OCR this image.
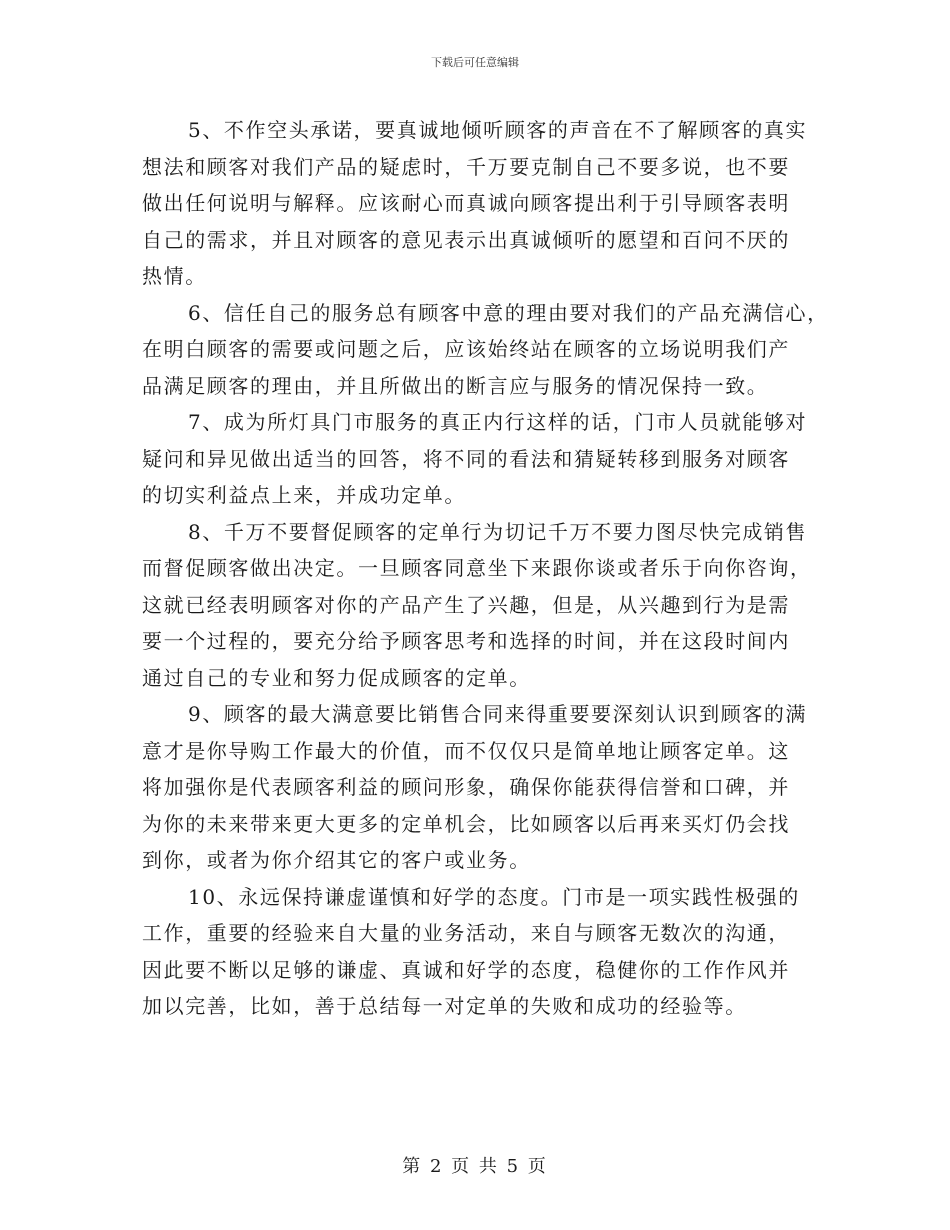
下载后可任意编辑

5、不作空头承诺，要真诚地倾听顾客的声音在不了解顾客的真实
想法和顾客对我们产品的疑虑时，千万要克制自己不要多说，也不要
做出任何说明与解释。应该耐心而真诚向顾客提出利于引导顾客表明
自己的需求，并且对顾客的意见表示出真诚倾听的愿望和百问不厌的
热情。

6、信任自己的服务总有顾客中意的理由要对我们的产品充满信心，
在明白顾客的需要或问题之后，应该始终站在顾客的立场说明我们产
品满足顾客的理由，并且所做出的断言应与服务的情况保持一致。

7、成为所灯具门市服务的真正内行这样的话，门市人员就能够对
疑问和异见做出适当的回答，将不同的看法和猜疑转移到服务对顾客
的切实利益点上来，并成功定单。

8、千万不要督促顾客的定单行为切记千万不要力图尽快完成销售
而督促顾客做出决定。一旦顾客同意坐下来跟你谈或者乐于向你咨询，
这就已经表明顾客对你的产品产生了兴趣，但是，从兴趣到行为是需
要一个过程的，要充分给予顾客思考和选择的时间，并在这段时间内
通过自己的专业和努力促成顾客的定单。

9、顾客的最大满意要比销售合同来得重要要深刻认识到顾客的满
意才是你导购工作最大的价值，而不仅仅只是简单地让顾客定单。这
将加强你是代表顾客利益的顾问形象，确保你能获得信誉和口碑，并
为你的未来带来更大更多的定单机会，比如顾客以后再来买灯仍会找
到你，或者为你介绍其它的客户或业务。

10、永远保持谦虚谨慎和好学的态度。门市是一项实践性极强的
工作，重要的经验来自大量的业务活动，来自与顾客无数次的沟通，
因此要不断以足够的谦虚、真诚和好学的态度，稳健你的工作作风并
加以完善，比如，善于总结每一对定单的失败和成功的经验等。

第 2 页 共 5 页
